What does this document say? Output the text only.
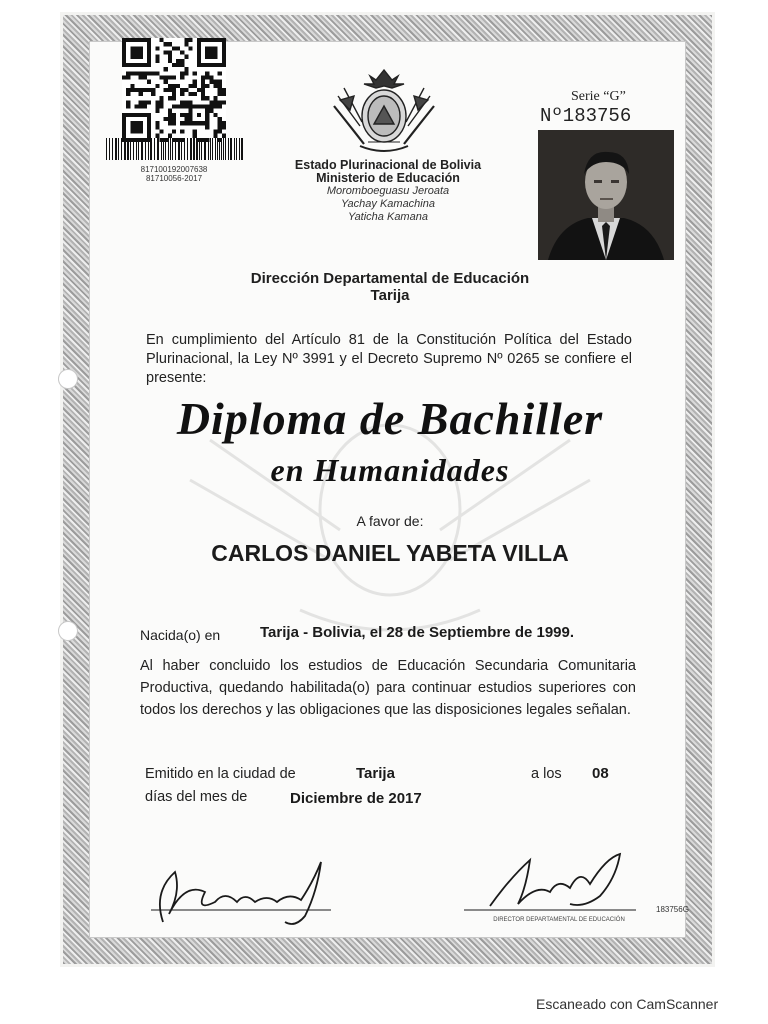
817100192007638
81710056-2017
Estado Plurinacional de Bolivia
Ministerio de Educación
Moromboeguasu Jeroata
Yachay Kamachina
Yaticha Kamana
Serie “G”
Nº183756
Dirección Departamental de Educación
Tarija
En cumplimiento del Artículo 81 de la Constitución Política del Estado Plurinacional, la Ley Nº 3991 y el Decreto Supremo Nº 0265 se confiere el presente:
Diploma de Bachiller
en Humanidades
A favor de:
CARLOS DANIEL YABETA VILLA
Nacida(o) en	Tarija - Bolivia, el 28 de Septiembre de 1999.
Al haber concluido los estudios de Educación Secundaria Comunitaria Productiva, quedando habilitada(o) para continuar estudios superiores con todos los derechos y las obligaciones que las disposiciones legales señalan.
Emitido en la ciudad de	Tarija	a los 08
días del mes de	Diciembre de 2017
DIRECTOR DEPARTAMENTAL DE EDUCACIÓN
183756G
Escaneado con CamScanner
